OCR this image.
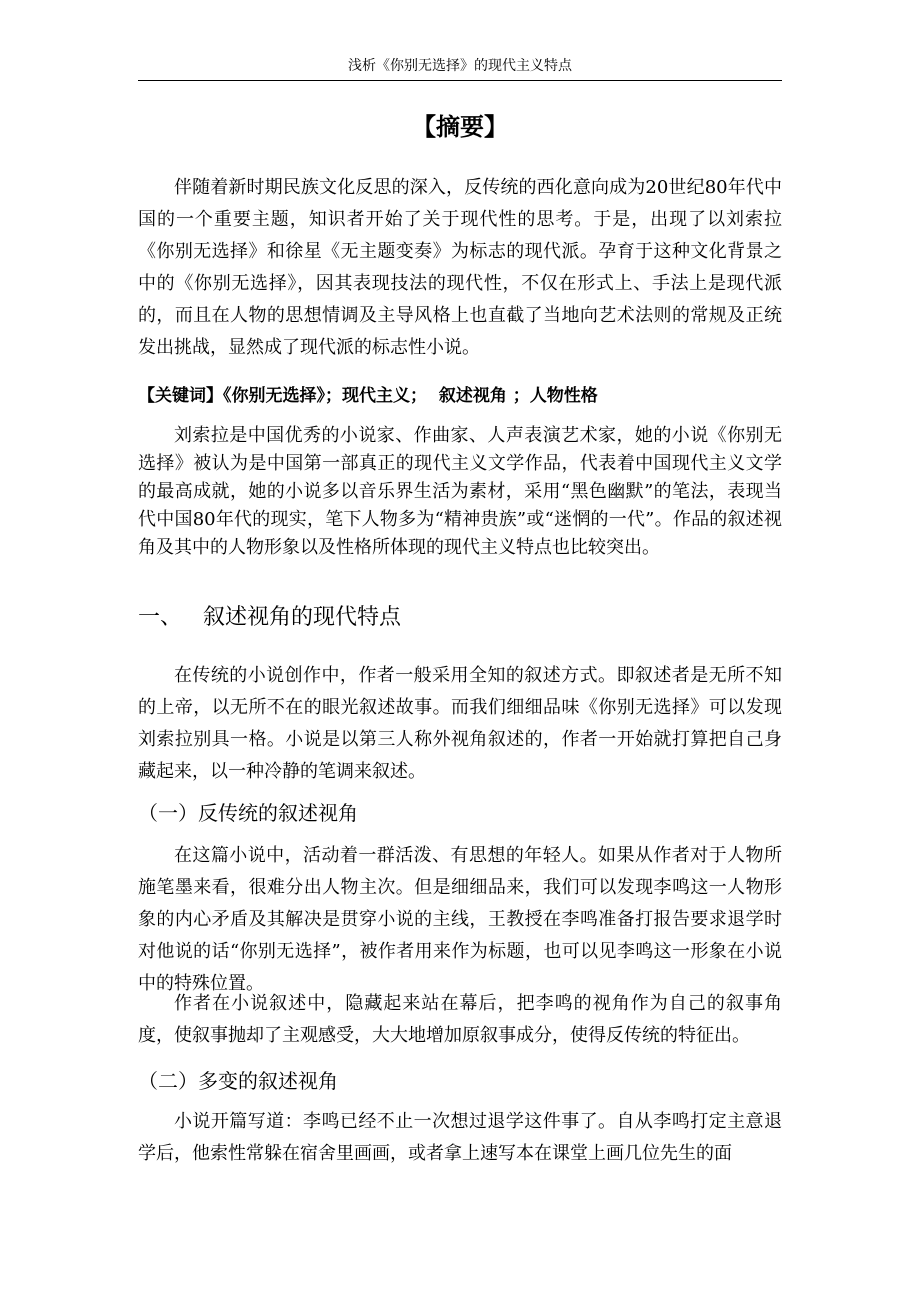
浅析《你别无选择》的现代主义特点
【摘要】

伴随着新时期民族文化反思的深入，反传统的西化意向成为20世纪80年代中国的一个重要主题，知识者开始了关于现代性的思考。于是，出现了以刘索拉《你别无选择》和徐星《无主题变奏》为标志的现代派。孕育于这种文化背景之中的《你别无选择》，因其表现技法的现代性，不仅在形式上、手法上是现代派的，而且在人物的思想情调及主导风格上也直截了当地向艺术法则的常规及正统发出挑战，显然成了现代派的标志性小说。

【关键词】《你别无选择》；现代主义；  叙述视角 ；人物性格

刘索拉是中国优秀的小说家、作曲家、人声表演艺术家，她的小说《你别无选择》被认为是中国第一部真正的现代主义文学作品，代表着中国现代主义文学的最高成就，她的小说多以音乐界生活为素材，采用“黑色幽默”的笔法，表现当代中国80年代的现实，笔下人物多为“精神贵族”或“迷惘的一代”。作品的叙述视角及其中的人物形象以及性格所体现的现代主义特点也比较突出。

一、   叙述视角的现代特点

在传统的小说创作中，作者一般采用全知的叙述方式。即叙述者是无所不知的上帝，以无所不在的眼光叙述故事。而我们细细品味《你别无选择》可以发现刘索拉别具一格。小说是以第三人称外视角叙述的，作者一开始就打算把自己身藏起来，以一种冷静的笔调来叙述。

（一）反传统的叙述视角

在这篇小说中，活动着一群活泼、有思想的年轻人。如果从作者对于人物所施笔墨来看，很难分出人物主次。但是细细品来，我们可以发现李鸣这一人物形象的内心矛盾及其解决是贯穿小说的主线，王教授在李鸣准备打报告要求退学时对他说的话“你别无选择”，被作者用来作为标题，也可以见李鸣这一形象在小说中的特殊位置。

作者在小说叙述中，隐藏起来站在幕后，把李鸣的视角作为自己的叙事角度，使叙事抛却了主观感受，大大地增加原叙事成分，使得反传统的特征出。

（二）多变的叙述视角

小说开篇写道：李鸣已经不止一次想过退学这件事了。自从李鸣打定主意退学后，他索性常躲在宿舍里画画，或者拿上速写本在课堂上画几位先生的面
